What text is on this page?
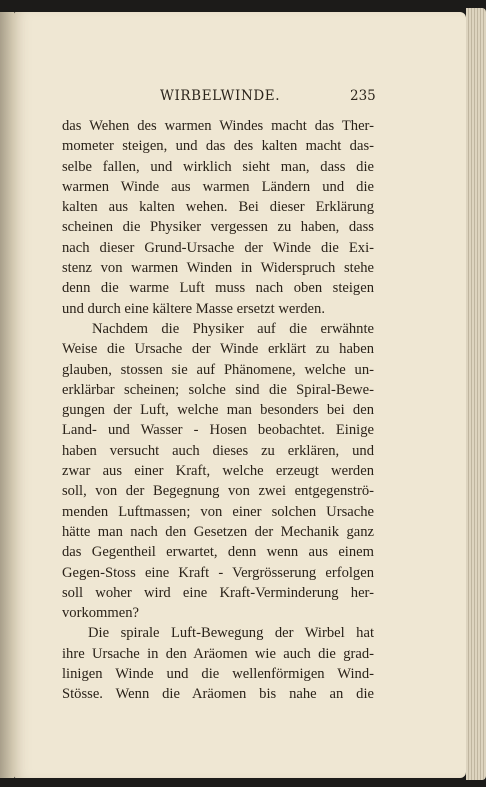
WIRBELWINDE.	235
das Wehen des warmen Windes macht das Ther-
mometer steigen, und das des kalten macht das-
selbe fallen, und wirklich sieht man, dass die
warmen Winde aus warmen Ländern und die
kalten aus kalten wehen. Bei dieser Erklärung
scheinen die Physiker vergessen zu haben, dass
nach dieser Grund-Ursache der Winde die Exi-
stenz von warmen Winden in Widerspruch stehe
denn die warme Luft muss nach oben steigen
und durch eine kältere Masse ersetzt werden.
Nachdem die Physiker auf die erwähnte
Weise die Ursache der Winde erklärt zu haben
glauben, stossen sie auf Phänomene, welche un-
erklärbar scheinen; solche sind die Spiral-Bewe-
gungen der Luft, welche man besonders bei den
Land- und Wasser - Hosen beobachtet. Einige
haben versucht auch dieses zu erklären, und
zwar aus einer Kraft, welche erzeugt werden
soll, von der Begegnung von zwei entgegenströ-
menden Luftmassen; von einer solchen Ursache
hätte man nach den Gesetzen der Mechanik ganz
das Gegentheil erwartet, denn wenn aus einem
Gegen-Stoss eine Kraft - Vergrösserung erfolgen
soll woher wird eine Kraft-Verminderung her-
vorkommen?
Die spirale Luft-Bewegung der Wirbel hat
ihre Ursache in den Aräomen wie auch die grad-
linigen Winde und die wellenförmigen Wind-
Stösse. Wenn die Aräomen bis nahe an die
